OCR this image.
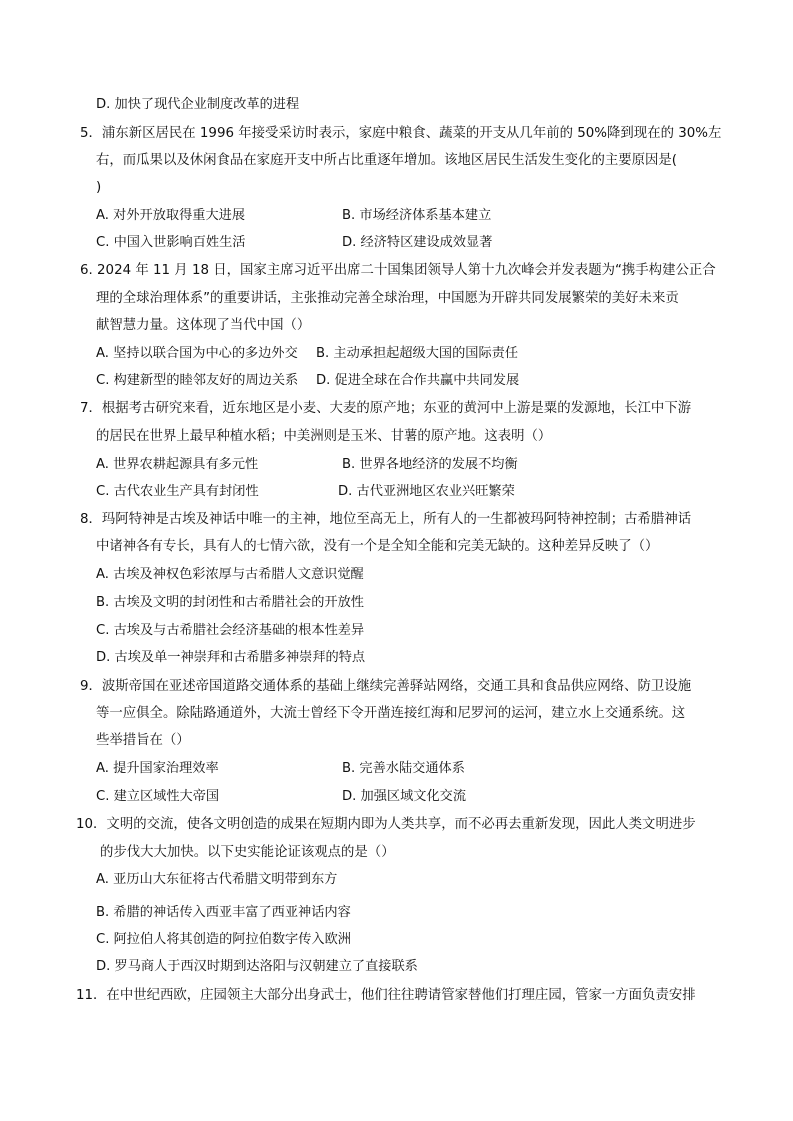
D. 加快了现代企业制度改革的进程
5．浦东新区居民在 1996 年接受采访时表示，家庭中粮食、蔬菜的开支从几年前的 50%降到现在的 30%左
右，而瓜果以及休闲食品在家庭开支中所占比重逐年增加。该地区居民生活发生变化的主要原因是(
)
A. 对外开放取得重大进展	B. 市场经济体系基本建立
C. 中国入世影响百姓生活	D. 经济特区建设成效显著
6. 2024 年 11 月 18 日，国家主席习近平出席二十国集团领导人第十九次峰会并发表题为“携手构建公正合
理的全球治理体系”的重要讲话，主张推动完善全球治理，中国愿为开辟共同发展繁荣的美好未来贡
献智慧力量。这体现了当代中国（）
A. 坚持以联合国为中心的多边外交	B. 主动承担起超级大国的国际责任
C. 构建新型的睦邻友好的周边关系	D. 促进全球在合作共赢中共同发展
7．根据考古研究来看，近东地区是小麦、大麦的原产地；东亚的黄河中上游是粟的发源地，长江中下游
的居民在世界上最早种植水稻；中美洲则是玉米、甘薯的原产地。这表明（）
A. 世界农耕起源具有多元性	B. 世界各地经济的发展不均衡
C. 古代农业生产具有封闭性	D. 古代亚洲地区农业兴旺繁荣
8．玛阿特神是古埃及神话中唯一的主神，地位至高无上，所有人的一生都被玛阿特神控制；古希腊神话
中诸神各有专长，具有人的七情六欲，没有一个是全知全能和完美无缺的。这种差异反映了（）
A. 古埃及神权色彩浓厚与古希腊人文意识觉醒
B. 古埃及文明的封闭性和古希腊社会的开放性
C. 古埃及与古希腊社会经济基础的根本性差异
D. 古埃及单一神崇拜和古希腊多神崇拜的特点
9．波斯帝国在亚述帝国道路交通体系的基础上继续完善驿站网络，交通工具和食品供应网络、防卫设施
等一应俱全。除陆路通道外，大流士曾经下令开凿连接红海和尼罗河的运河，建立水上交通系统。这
些举措旨在（）
A. 提升国家治理效率	B. 完善水陆交通体系
C. 建立区域性大帝国	D. 加强区域文化交流
10．文明的交流，使各文明创造的成果在短期内即为人类共享，而不必再去重新发现，因此人类文明进步
的步伐大大加快。以下史实能论证该观点的是（）
A. 亚历山大东征将古代希腊文明带到东方
B. 希腊的神话传入西亚丰富了西亚神话内容
C. 阿拉伯人将其创造的阿拉伯数字传入欧洲
D. 罗马商人于西汉时期到达洛阳与汉朝建立了直接联系
11．在中世纪西欧，庄园领主大部分出身武士，他们往往聘请管家替他们打理庄园，管家一方面负责安排
